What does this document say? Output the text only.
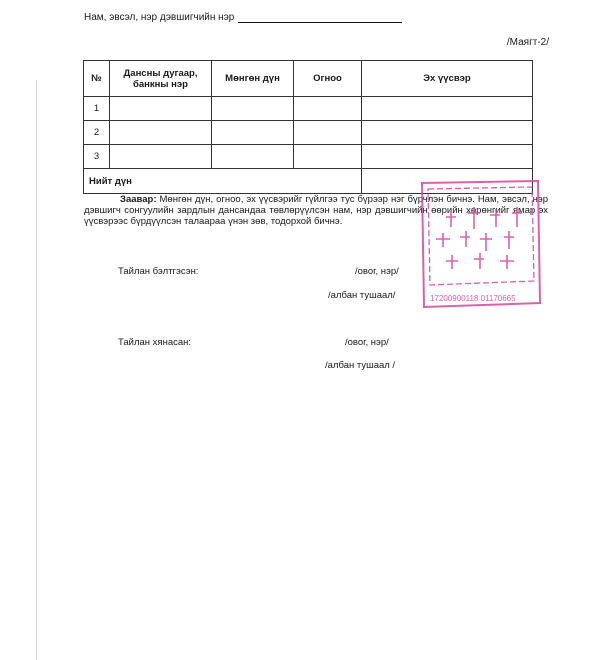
Нам, эвсэл, нэр дэвшигчийн нэр
/Маягт-2/
№	Дансны дугаар, банкны нэр	Мөнгөн дүн	Огноо	Эх үүсвэр
1				
2				
3				
Нийт дүн				
Заавар: Мөнгөн дүн, огноо, эх үүсвэрийг гүйлгээ тус бүрээр нэг бүрчлэн бичнэ. Нам, эвсэл, нэр дэвшигч сонгуулийн зардлын дансандаа төвлөрүүлсэн нам, нэр дэвшигчийн өөрийн хөрөнгийг ямар эх үүсвэрээс бүрдүүлсэн талаараа үнэн зөв, тодорхой бичнэ.
Тайлан бэлтгэсэн:	/овог, нэр/
/албан тушаал/
Тайлан хянасан:	/овог, нэр/
/албан тушаал /
17200900118 01170665
